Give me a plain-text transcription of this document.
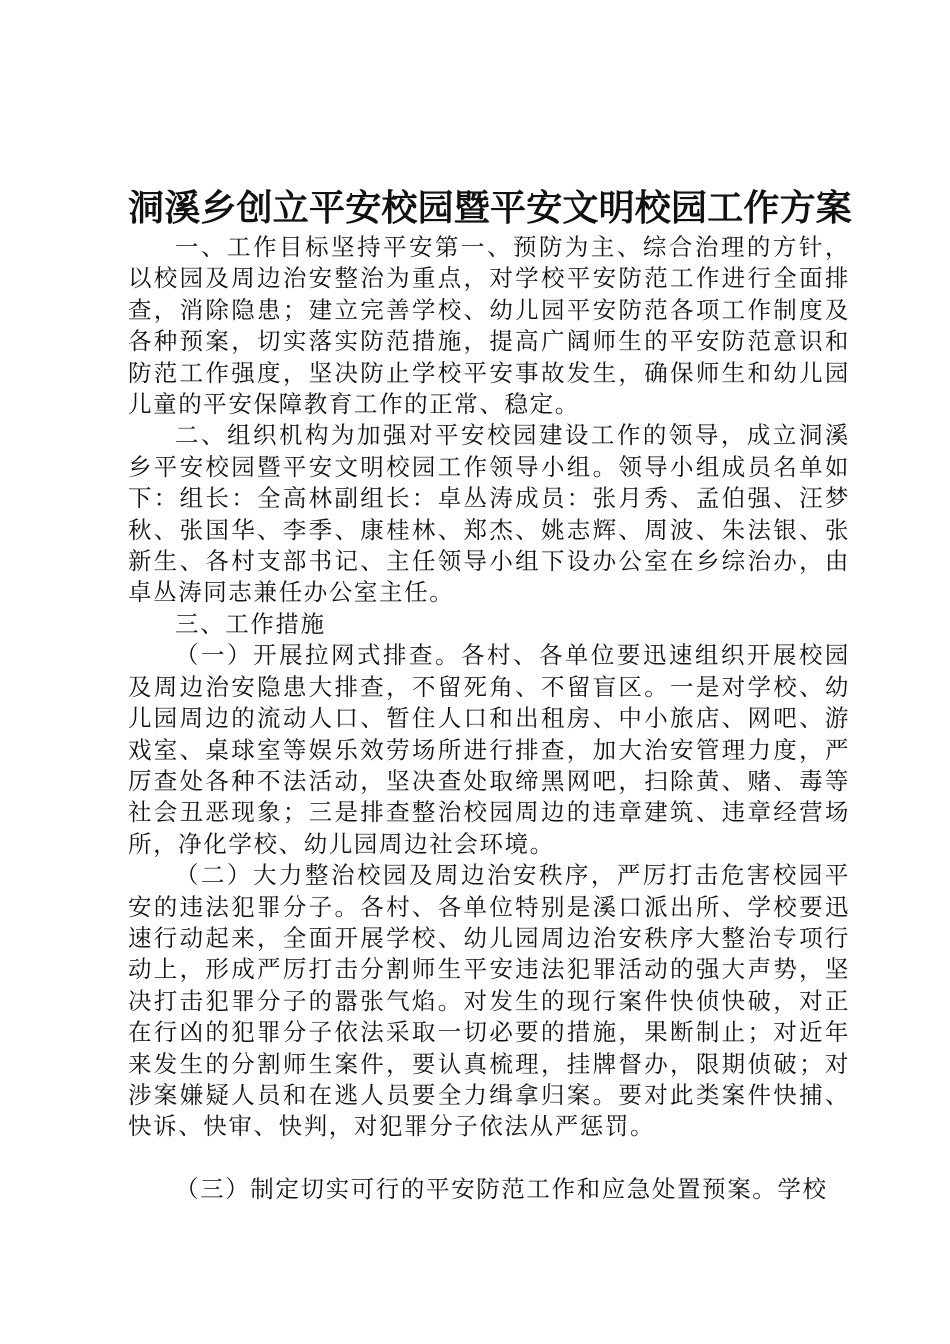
洞溪乡创立平安校园暨平安文明校园工作方案

一、工作目标坚持平安第一、预防为主、综合治理的方针，以校园及周边治安整治为重点，对学校平安防范工作进行全面排查，消除隐患；建立完善学校、幼儿园平安防范各项工作制度及各种预案，切实落实防范措施，提高广阔师生的平安防范意识和防范工作强度，坚决防止学校平安事故发生，确保师生和幼儿园儿童的平安保障教育工作的正常、稳定。

二、组织机构为加强对平安校园建设工作的领导，成立洞溪乡平安校园暨平安文明校园工作领导小组。领导小组成员名单如下：组长：全高林副组长：卓丛涛成员：张月秀、孟伯强、汪梦秋、张国华、李季、康桂林、郑杰、姚志辉、周波、朱法银、张新生、各村支部书记、主任领导小组下设办公室在乡综治办，由卓丛涛同志兼任办公室主任。

三、工作措施

（一）开展拉网式排查。各村、各单位要迅速组织开展校园及周边治安隐患大排查，不留死角、不留盲区。一是对学校、幼儿园周边的流动人口、暂住人口和出租房、中小旅店、网吧、游戏室、桌球室等娱乐效劳场所进行排查，加大治安管理力度，严厉查处各种不法活动，坚决查处取缔黑网吧，扫除黄、赌、毒等社会丑恶现象；三是排查整治校园周边的违章建筑、违章经营场所，净化学校、幼儿园周边社会环境。

（二）大力整治校园及周边治安秩序，严厉打击危害校园平安的违法犯罪分子。各村、各单位特别是溪口派出所、学校要迅速行动起来，全面开展学校、幼儿园周边治安秩序大整治专项行动上，形成严厉打击分割师生平安违法犯罪活动的强大声势，坚决打击犯罪分子的嚣张气焰。对发生的现行案件快侦快破，对正在行凶的犯罪分子依法采取一切必要的措施，果断制止；对近年来发生的分割师生案件，要认真梳理，挂牌督办，限期侦破；对涉案嫌疑人员和在逃人员要全力缉拿归案。要对此类案件快捕、快诉、快审、快判，对犯罪分子依法从严惩罚。

（三）制定切实可行的平安防范工作和应急处置预案。学校
